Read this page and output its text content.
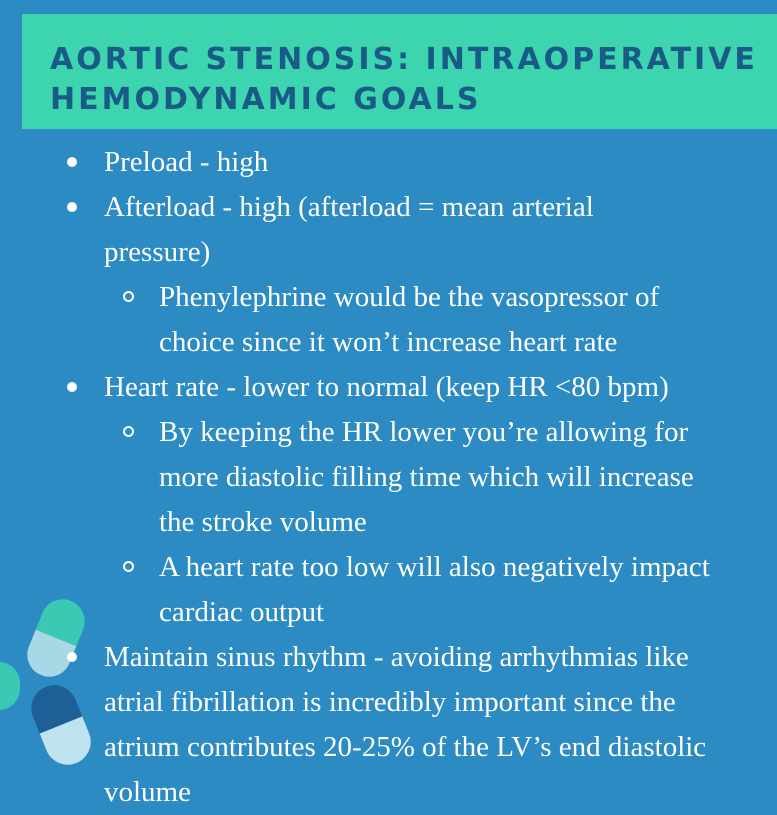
AORTIC STENOSIS: INTRAOPERATIVE
HEMODYNAMIC GOALS
Preload - high
Afterload - high (afterload = mean arterial
pressure)
Phenylephrine would be the vasopressor of
choice since it won’t increase heart rate
Heart rate - lower to normal (keep HR <80 bpm)
By keeping the HR lower you’re allowing for
more diastolic filling time which will increase
the stroke volume
A heart rate too low will also negatively impact
cardiac output
Maintain sinus rhythm - avoiding arrhythmias like
atrial fibrillation is incredibly important since the
atrium contributes 20-25% of the LV’s end diastolic
volume
